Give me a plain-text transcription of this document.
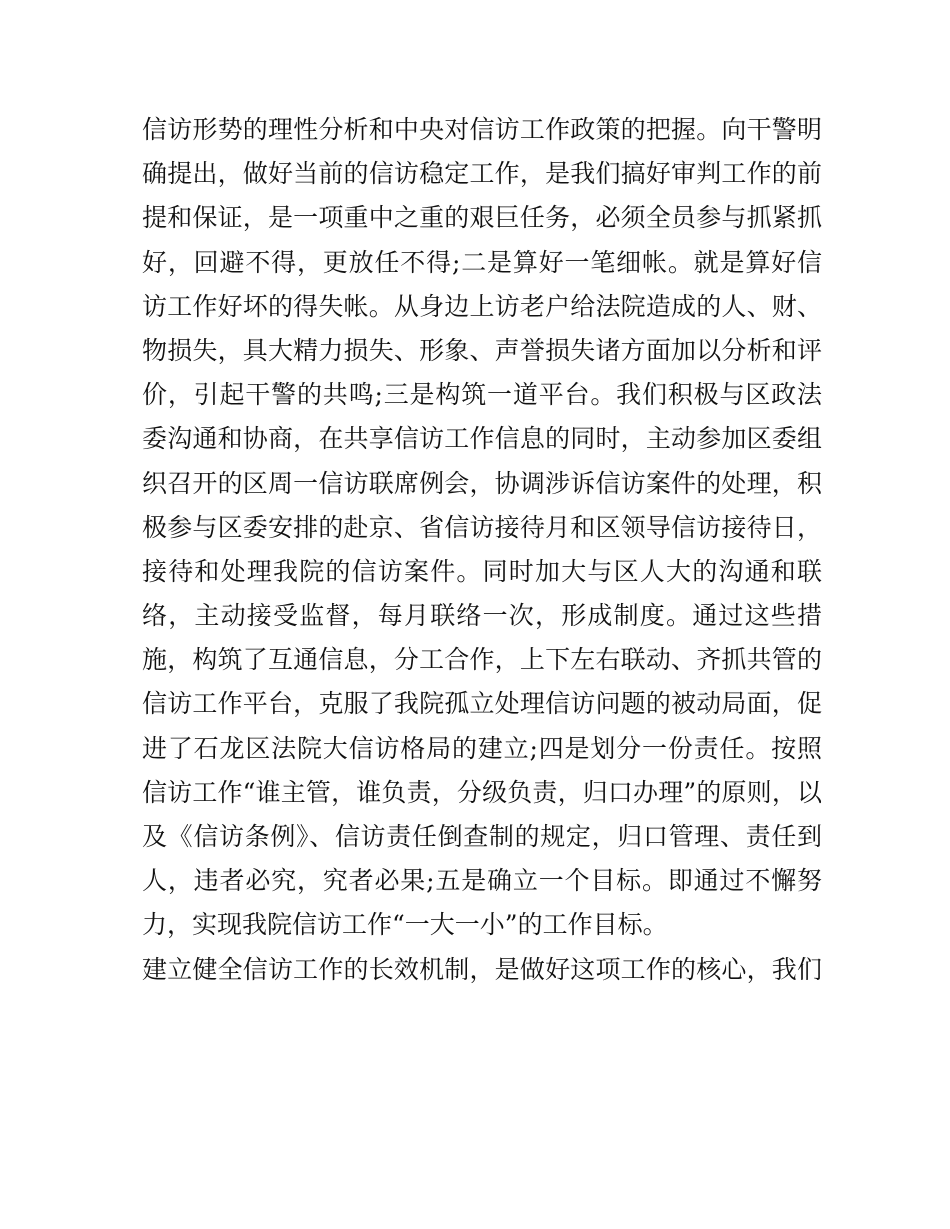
信访形势的理性分析和中央对信访工作政策的把握。向干警明
确提出，做好当前的信访稳定工作，是我们搞好审判工作的前
提和保证，是一项重中之重的艰巨任务，必须全员参与抓紧抓
好，回避不得，更放任不得;二是算好一笔细帐。就是算好信
访工作好坏的得失帐。从身边上访老户给法院造成的人、财、
物损失，具大精力损失、形象、声誉损失诸方面加以分析和评
价，引起干警的共鸣;三是构筑一道平台。我们积极与区政法
委沟通和协商，在共享信访工作信息的同时，主动参加区委组
织召开的区周一信访联席例会，协调涉诉信访案件的处理，积
极参与区委安排的赴京、省信访接待月和区领导信访接待日，
接待和处理我院的信访案件。同时加大与区人大的沟通和联
络，主动接受监督，每月联络一次，形成制度。通过这些措
施，构筑了互通信息，分工合作，上下左右联动、齐抓共管的
信访工作平台，克服了我院孤立处理信访问题的被动局面，促
进了石龙区法院大信访格局的建立;四是划分一份责任。按照
信访工作“谁主管，谁负责，分级负责，归口办理”的原则，以
及《信访条例》、信访责任倒查制的规定，归口管理、责任到
人，违者必究，究者必果;五是确立一个目标。即通过不懈努
力，实现我院信访工作“一大一小”的工作目标。
建立健全信访工作的长效机制，是做好这项工作的核心，我们
